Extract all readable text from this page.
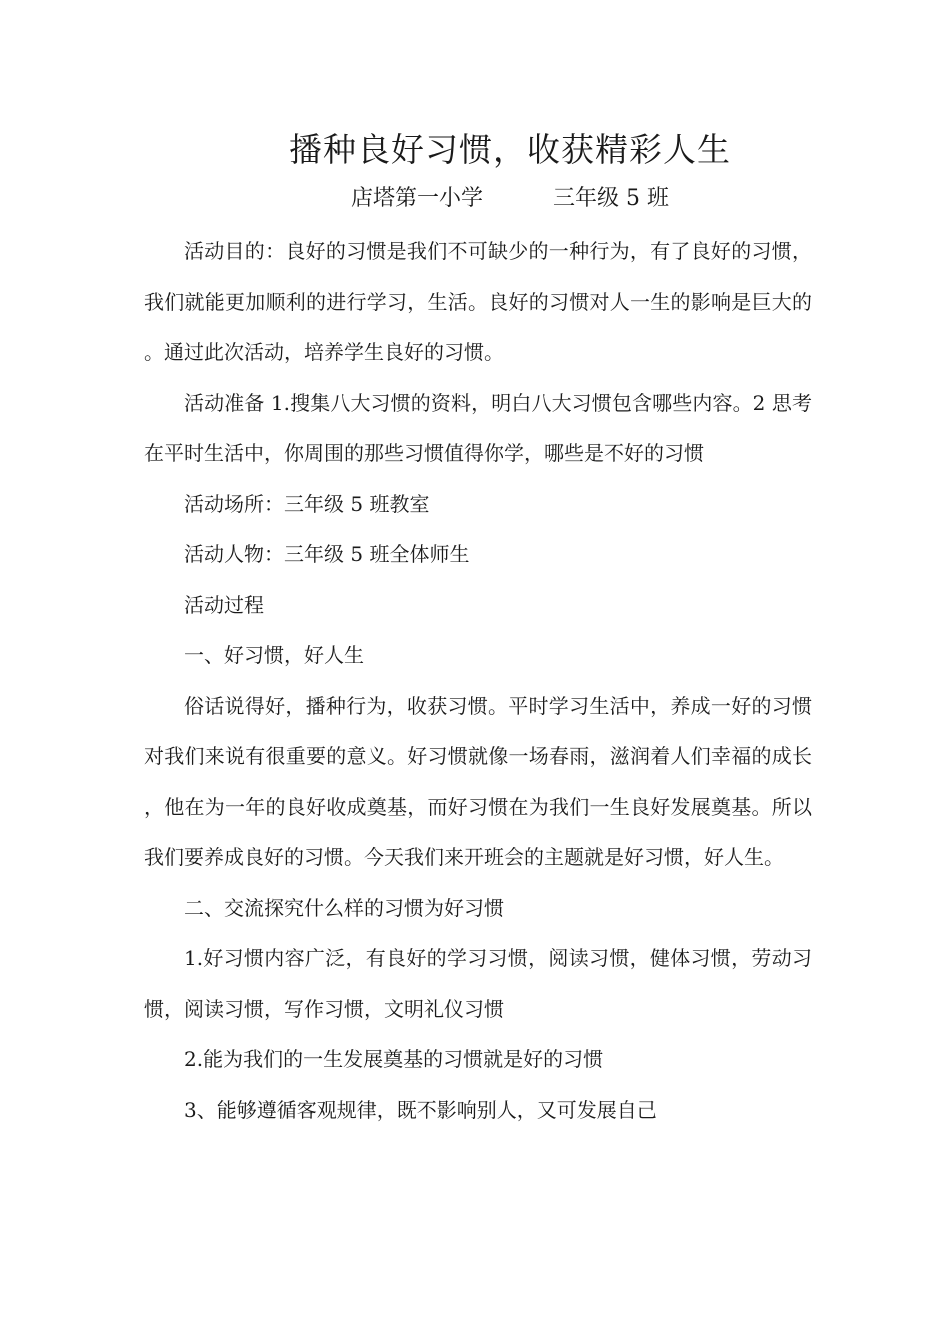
播种良好习惯，收获精彩人生
店塔第一小学          三年级 5 班

活动目的：良好的习惯是我们不可缺少的一种行为，有了良好的习惯，我们就能更加顺利的进行学习，生活。良好的习惯对人一生的影响是巨大的。通过此次活动，培养学生良好的习惯。

活动准备 1.搜集八大习惯的资料，明白八大习惯包含哪些内容。2 思考在平时生活中，你周围的那些习惯值得你学，哪些是不好的习惯

活动场所：三年级 5 班教室

活动人物：三年级 5 班全体师生

活动过程

一、好习惯，好人生

俗话说得好，播种行为，收获习惯。平时学习生活中，养成一好的习惯对我们来说有很重要的意义。好习惯就像一场春雨，滋润着人们幸福的成长，他在为一年的良好收成奠基，而好习惯在为我们一生良好发展奠基。所以我们要养成良好的习惯。今天我们来开班会的主题就是好习惯，好人生。

二、交流探究什么样的习惯为好习惯

1.好习惯内容广泛，有良好的学习习惯，阅读习惯，健体习惯，劳动习惯，阅读习惯，写作习惯，文明礼仪习惯

2.能为我们的一生发展奠基的习惯就是好的习惯

3、能够遵循客观规律，既不影响别人，又可发展自己
